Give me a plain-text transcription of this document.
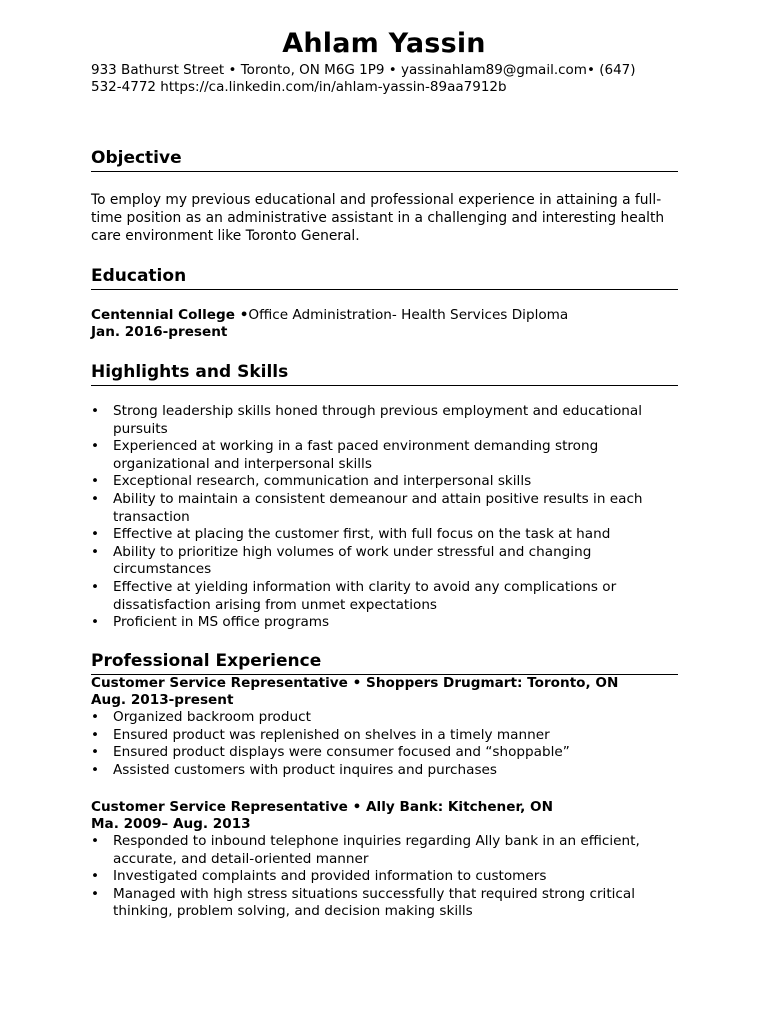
Ahlam Yassin
933 Bathurst Street • Toronto, ON M6G 1P9 • yassinahlam89@gmail.com• (647)
532-4772 https://ca.linkedin.com/in/ahlam-yassin-89aa7912b
Objective
To employ my previous educational and professional experience in attaining a full-time position as an administrative assistant in a challenging and interesting health care environment like Toronto General.
Education
Centennial College •Office Administration- Health Services Diploma
Jan. 2016-present
Highlights and Skills
• Strong leadership skills honed through previous employment and educational pursuits
• Experienced at working in a fast paced environment demanding strong organizational and interpersonal skills
• Exceptional research, communication and interpersonal skills
• Ability to maintain a consistent demeanour and attain positive results in each transaction
• Effective at placing the customer first, with full focus on the task at hand
• Ability to prioritize high volumes of work under stressful and changing circumstances
• Effective at yielding information with clarity to avoid any complications or dissatisfaction arising from unmet expectations
• Proficient in MS office programs
Professional Experience
Customer Service Representative • Shoppers Drugmart: Toronto, ON
Aug. 2013-present
• Organized backroom product
• Ensured product was replenished on shelves in a timely manner
• Ensured product displays were consumer focused and “shoppable”
• Assisted customers with product inquires and purchases
Customer Service Representative • Ally Bank: Kitchener, ON
Ma. 2009– Aug. 2013
• Responded to inbound telephone inquiries regarding Ally bank in an efficient, accurate, and detail-oriented manner
• Investigated complaints and provided information to customers
• Managed with high stress situations successfully that required strong critical thinking, problem solving, and decision making skills
